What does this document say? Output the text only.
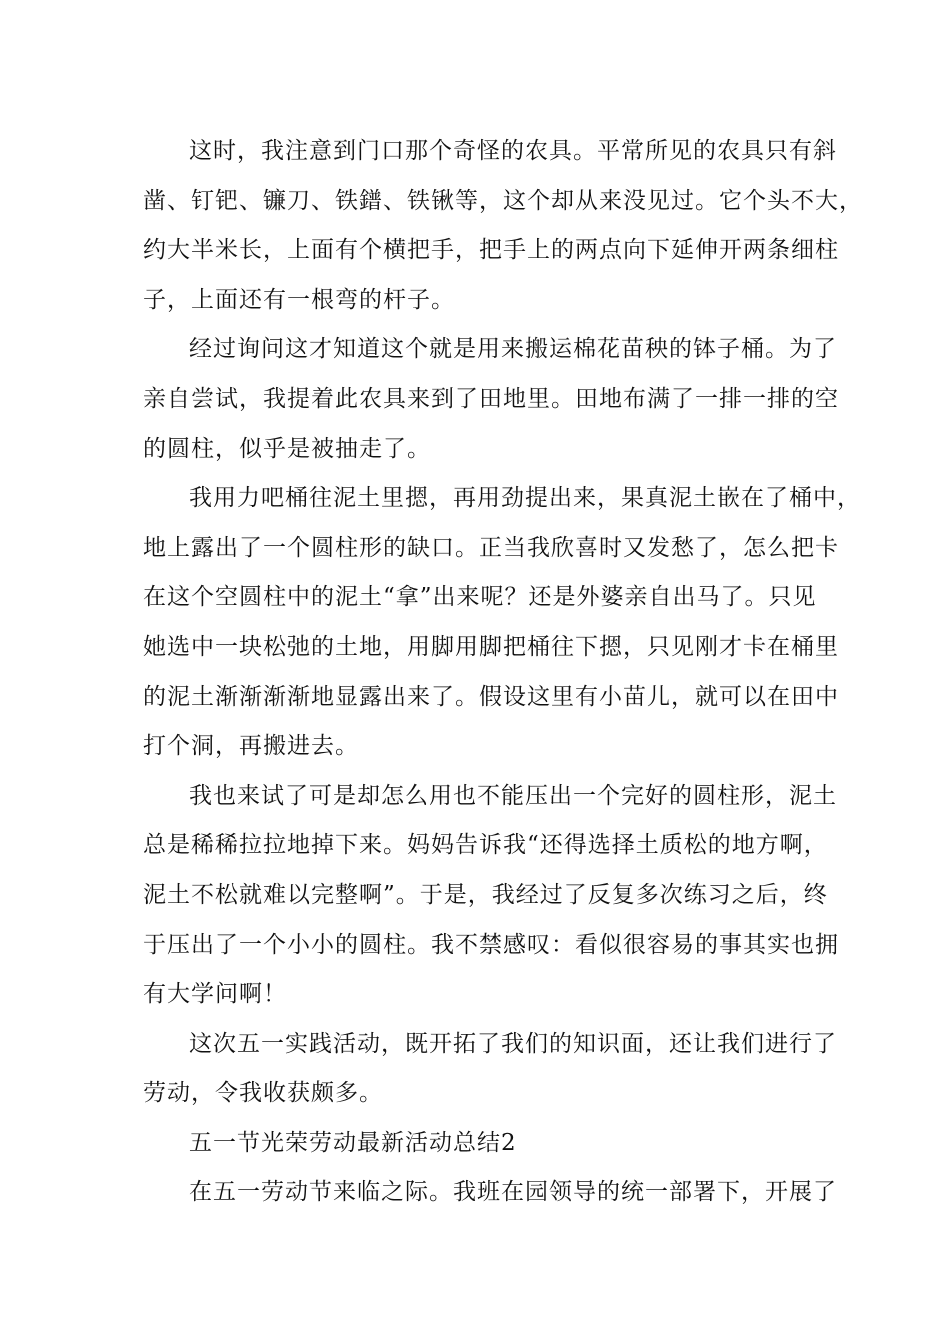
这时，我注意到门口那个奇怪的农具。平常所见的农具只有斜
凿、钉钯、镰刀、铁鐠、铁锹等，这个却从来没见过。它个头不大，
约大半米长，上面有个横把手，把手上的两点向下延伸开两条细柱
子，上面还有一根弯的杆子。

经过询问这才知道这个就是用来搬运棉花苗秧的钵子桶。为了
亲自尝试，我提着此农具来到了田地里。田地布满了一排一排的空
的圆柱，似乎是被抽走了。

我用力吧桶往泥土里摁，再用劲提出来，果真泥土嵌在了桶中，
地上露出了一个圆柱形的缺口。正当我欣喜时又发愁了，怎么把卡
在这个空圆柱中的泥土“拿”出来呢？还是外婆亲自出马了。只见
她选中一块松弛的土地，用脚用脚把桶往下摁，只见刚才卡在桶里
的泥土渐渐渐渐地显露出来了。假设这里有小苗儿，就可以在田中
打个洞，再搬进去。

我也来试了可是却怎么用也不能压出一个完好的圆柱形，泥土
总是稀稀拉拉地掉下来。妈妈告诉我“还得选择土质松的地方啊，
泥土不松就难以完整啊”。于是，我经过了反复多次练习之后，终
于压出了一个小小的圆柱。我不禁感叹：看似很容易的事其实也拥
有大学问啊！

这次五一实践活动，既开拓了我们的知识面，还让我们进行了
劳动，令我收获颇多。

五一节光荣劳动最新活动总结2

在五一劳动节来临之际。我班在园领导的统一部署下，开展了
